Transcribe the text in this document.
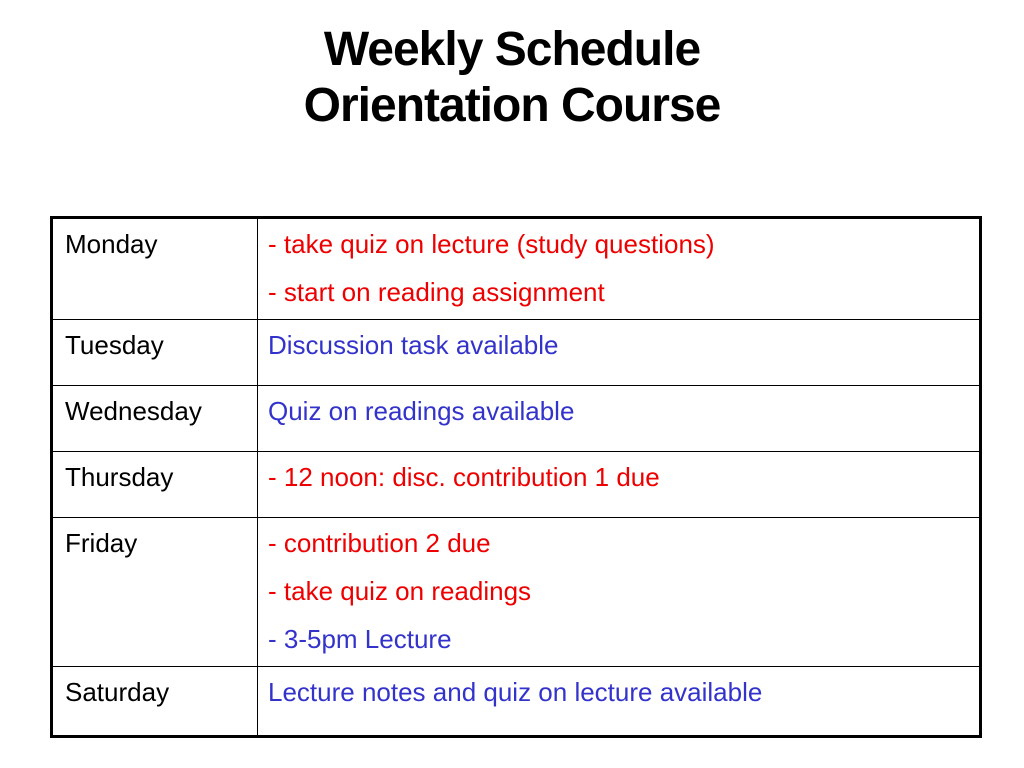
Weekly Schedule
Orientation Course
Monday	- take quiz on lecture (study questions)
- start on reading assignment

Tuesday	Discussion task available

Wednesday	Quiz on readings available

Thursday	- 12 noon: disc. contribution 1 due

Friday	- contribution 2 due
- take quiz on readings
- 3-5pm Lecture

Saturday	Lecture notes and quiz on lecture available
